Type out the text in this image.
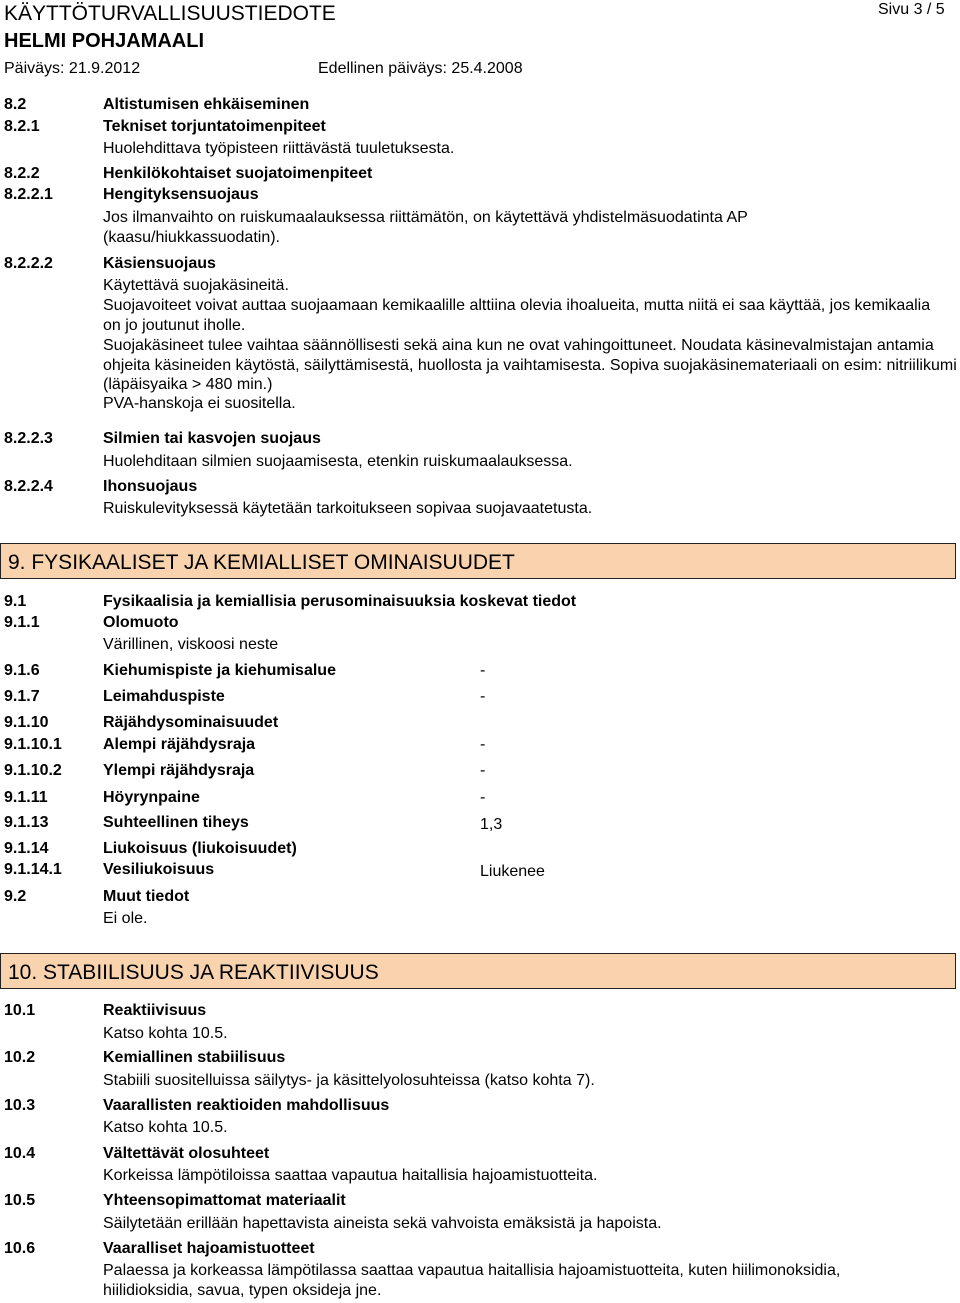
KÄYTTÖTURVALLISUUSTIEDOTE	Sivu 3 / 5
HELMI POHJAMAALI
Päiväys: 21.9.2012	Edellinen päiväys: 25.4.2008
8.2	Altistumisen ehkäiseminen
8.2.1	Tekniset torjuntatoimenpiteet
Huolehdittava työpisteen riittävästä tuuletuksesta.
8.2.2	Henkilökohtaiset suojatoimenpiteet
8.2.2.1	Hengityksensuojaus
Jos ilmanvaihto on ruiskumaalauksessa riittämätön, on käytettävä yhdistelmäsuodatinta AP
(kaasu/hiukkassuodatin).
8.2.2.2	Käsiensuojaus
Käytettävä suojakäsineitä.
Suojavoiteet voivat auttaa suojaamaan kemikaalille alttiina olevia ihoalueita, mutta niitä ei saa käyttää, jos kemikaalia on jo joutunut iholle.
Suojakäsineet tulee vaihtaa säännöllisesti sekä aina kun ne ovat vahingoittuneet. Noudata käsinevalmistajan antamia ohjeita käsineiden käytöstä, säilyttämisestä, huollosta ja vaihtamisesta. Sopiva suojakäsinemateriaali on esim: nitriilikumi (läpäisyaika > 480 min.)
PVA-hanskoja ei suositella.
8.2.2.3	Silmien tai kasvojen suojaus
Huolehditaan silmien suojaamisesta, etenkin ruiskumaalauksessa.
8.2.2.4	Ihonsuojaus
Ruiskulevityksessä käytetään tarkoitukseen sopivaa suojavaatetusta.
9. FYSIKAALISET JA KEMIALLISET OMINAISUUDET
9.1	Fysikaalisia ja kemiallisia perusominaisuuksia koskevat tiedot
9.1.1	Olomuoto
Värillinen, viskoosi neste
9.1.6	Kiehumispiste ja kiehumisalue	-
9.1.7	Leimahduspiste	-
9.1.10	Räjähdysominaisuudet
9.1.10.1	Alempi räjähdysraja	-
9.1.10.2	Ylempi räjähdysraja	-
9.1.11	Höyrynpaine	-
9.1.13	Suhteellinen tiheys	1,3
9.1.14	Liukoisuus (liukoisuudet)
9.1.14.1	Vesiliukoisuus	Liukenee
9.2	Muut tiedot
Ei ole.
10. STABIILISUUS JA REAKTIIVISUUS
10.1	Reaktiivisuus
Katso kohta 10.5.
10.2	Kemiallinen stabiilisuus
Stabiili suositelluissa säilytys- ja käsittelyolosuhteissa (katso kohta 7).
10.3	Vaarallisten reaktioiden mahdollisuus
Katso kohta 10.5.
10.4	Vältettävät olosuhteet
Korkeissa lämpötiloissa saattaa vapautua haitallisia hajoamistuotteita.
10.5	Yhteensopimattomat materiaalit
Säilytetään erillään hapettavista aineista sekä vahvoista emäksistä ja hapoista.
10.6	Vaaralliset hajoamistuotteet
Palaessa ja korkeassa lämpötilassa saattaa vapautua haitallisia hajoamistuotteita, kuten hiilimonoksidia, hiilidioksidia, savua, typen oksideja jne.
